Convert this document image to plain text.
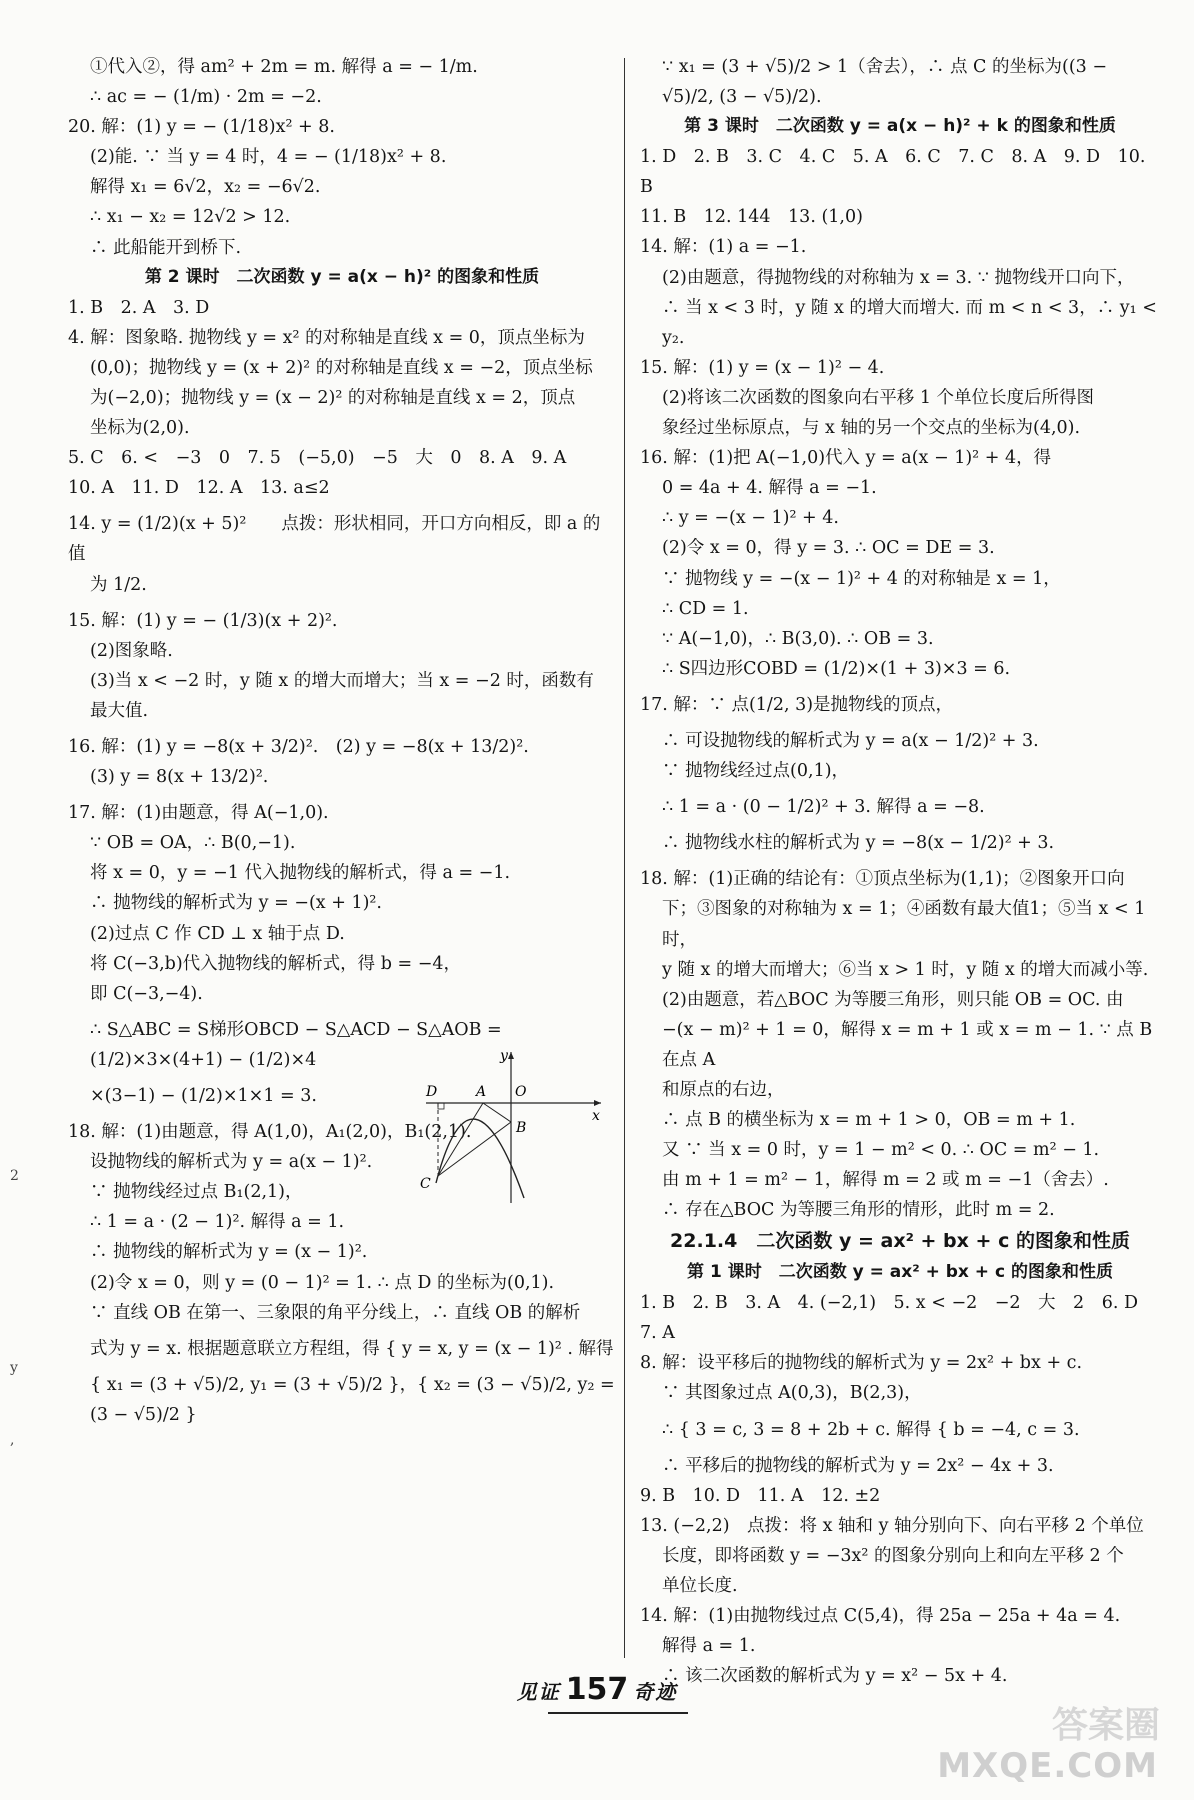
①代入②，得 am² + 2m = m. 解得 a = − 1/m.

∴ ac = − (1/m) · 2m = −2.

20. 解：(1) y = − (1/18)x² + 8.

(2)能. ∵ 当 y = 4 时，4 = − (1/18)x² + 8.

解得 x₁ = 6√2，x₂ = −6√2.

∴ x₁ − x₂ = 12√2 > 12.

∴ 此船能开到桥下.

第 2 课时　二次函数 y = a(x − h)² 的图象和性质

1. B　2. A　3. D

4. 解：图象略. 抛物线 y = x² 的对称轴是直线 x = 0，顶点坐标为

(0,0)；抛物线 y = (x + 2)² 的对称轴是直线 x = −2，顶点坐标

为(−2,0)；抛物线 y = (x − 2)² 的对称轴是直线 x = 2，顶点

坐标为(2,0).

5. C　6. <　−3　0　7. 5　(−5,0)　−5　大　0　8. A　9. A

10. A　11. D　12. A　13. a≤2

14. y = (1/2)(x + 5)²　　点拨：形状相同，开口方向相反，即 a 的值

为 1/2.

15. 解：(1) y = − (1/3)(x + 2)².

(2)图象略.

(3)当 x < −2 时，y 随 x 的增大而增大；当 x = −2 时，函数有

最大值.

16. 解：(1) y = −8(x + 3/2)².　(2) y = −8(x + 13/2)².

(3) y = 8(x + 13/2)².

17. 解：(1)由题意，得 A(−1,0).

∵ OB = OA，∴ B(0,−1).

将 x = 0，y = −1 代入抛物线的解析式，得 a = −1.

∴ 抛物线的解析式为 y = −(x + 1)².

(2)过点 C 作 CD ⊥ x 轴于点 D.

将 C(−3,b)代入抛物线的解析式，得 b = −4，

即 C(−3,−4).

∴ S△ABC = S梯形OBCD − S△ACD − S△AOB = (1/2)×3×(4+1) − (1/2)×4

×(3−1) − (1/2)×1×1 = 3.

18. 解：(1)由题意，得 A(1,0)，A₁(2,0)，B₁(2,1).

设抛物线的解析式为 y = a(x − 1)².

∵ 抛物线经过点 B₁(2,1)，

∴ 1 = a · (2 − 1)². 解得 a = 1.

∴ 抛物线的解析式为 y = (x − 1)².

(2)令 x = 0，则 y = (0 − 1)² = 1. ∴ 点 D 的坐标为(0,1).

∵ 直线 OB 在第一、三象限的角平分线上，∴ 直线 OB 的解析

式为 y = x. 根据题意联立方程组，得 { y = x, y = (x − 1)² . 解得

{ x₁ = (3 + √5)/2, y₁ = (3 + √5)/2 }，{ x₂ = (3 − √5)/2, y₂ = (3 − √5)/2 }

∵ x₁ = (3 + √5)/2 > 1（舍去），∴ 点 C 的坐标为((3 − √5)/2, (3 − √5)/2).

第 3 课时　二次函数 y = a(x − h)² + k 的图象和性质

1. D　2. B　3. C　4. C　5. A　6. C　7. C　8. A　9. D　10. B

11. B　12. 144　13. (1,0)

14. 解：(1) a = −1.

(2)由题意，得抛物线的对称轴为 x = 3. ∵ 抛物线开口向下，

∴ 当 x < 3 时，y 随 x 的增大而增大. 而 m < n < 3，∴ y₁ < y₂.

15. 解：(1) y = (x − 1)² − 4.

(2)将该二次函数的图象向右平移 1 个单位长度后所得图

象经过坐标原点，与 x 轴的另一个交点的坐标为(4,0).

16. 解：(1)把 A(−1,0)代入 y = a(x − 1)² + 4，得

0 = 4a + 4. 解得 a = −1.

∴ y = −(x − 1)² + 4.

(2)令 x = 0，得 y = 3. ∴ OC = DE = 3.

∵ 抛物线 y = −(x − 1)² + 4 的对称轴是 x = 1，

∴ CD = 1.

∵ A(−1,0)，∴ B(3,0). ∴ OB = 3.

∴ S四边形COBD = (1/2)×(1 + 3)×3 = 6.

17. 解：∵ 点(1/2, 3)是抛物线的顶点，

∴ 可设抛物线的解析式为 y = a(x − 1/2)² + 3.

∵ 抛物线经过点(0,1)，

∴ 1 = a · (0 − 1/2)² + 3. 解得 a = −8.

∴ 抛物线水柱的解析式为 y = −8(x − 1/2)² + 3.

18. 解：(1)正确的结论有：①顶点坐标为(1,1)；②图象开口向

下；③图象的对称轴为 x = 1；④函数有最大值1；⑤当 x < 1 时，

y 随 x 的增大而增大；⑥当 x > 1 时，y 随 x 的增大而减小等.

(2)由题意，若△BOC 为等腰三角形，则只能 OB = OC. 由

−(x − m)² + 1 = 0，解得 x = m + 1 或 x = m − 1. ∵ 点 B 在点 A

和原点的右边，

∴ 点 B 的横坐标为 x = m + 1 > 0，OB = m + 1.

又 ∵ 当 x = 0 时，y = 1 − m² < 0. ∴ OC = m² − 1.

由 m + 1 = m² − 1，解得 m = 2 或 m = −1（舍去）.

∴ 存在△BOC 为等腰三角形的情形，此时 m = 2.

22.1.4　二次函数 y = ax² + bx + c 的图象和性质

第 1 课时　二次函数 y = ax² + bx + c 的图象和性质

1. B　2. B　3. A　4. (−2,1)　5. x < −2　−2　大　2　6. D

7. A

8. 解：设平移后的抛物线的解析式为 y = 2x² + bx + c.

∵ 其图象过点 A(0,3)，B(2,3)，

∴ { 3 = c, 3 = 8 + 2b + c. 解得 { b = −4, c = 3.

∴ 平移后的抛物线的解析式为 y = 2x² − 4x + 3.

9. B　10. D　11. A　12. ±2

13. (−2,2)　点拨：将 x 轴和 y 轴分别向下、向右平移 2 个单位

长度，即将函数 y = −3x² 的图象分别向上和向左平移 2 个

单位长度.

14. 解：(1)由抛物线过点 C(5,4)，得 25a − 25a + 4a = 4.

解得 a = 1.

∴ 该二次函数的解析式为 y = x² − 5x + 4.

y
D	A O
x
B
C
2
y
,
见证 157 奇迹
答案圈
MXQE.COM
